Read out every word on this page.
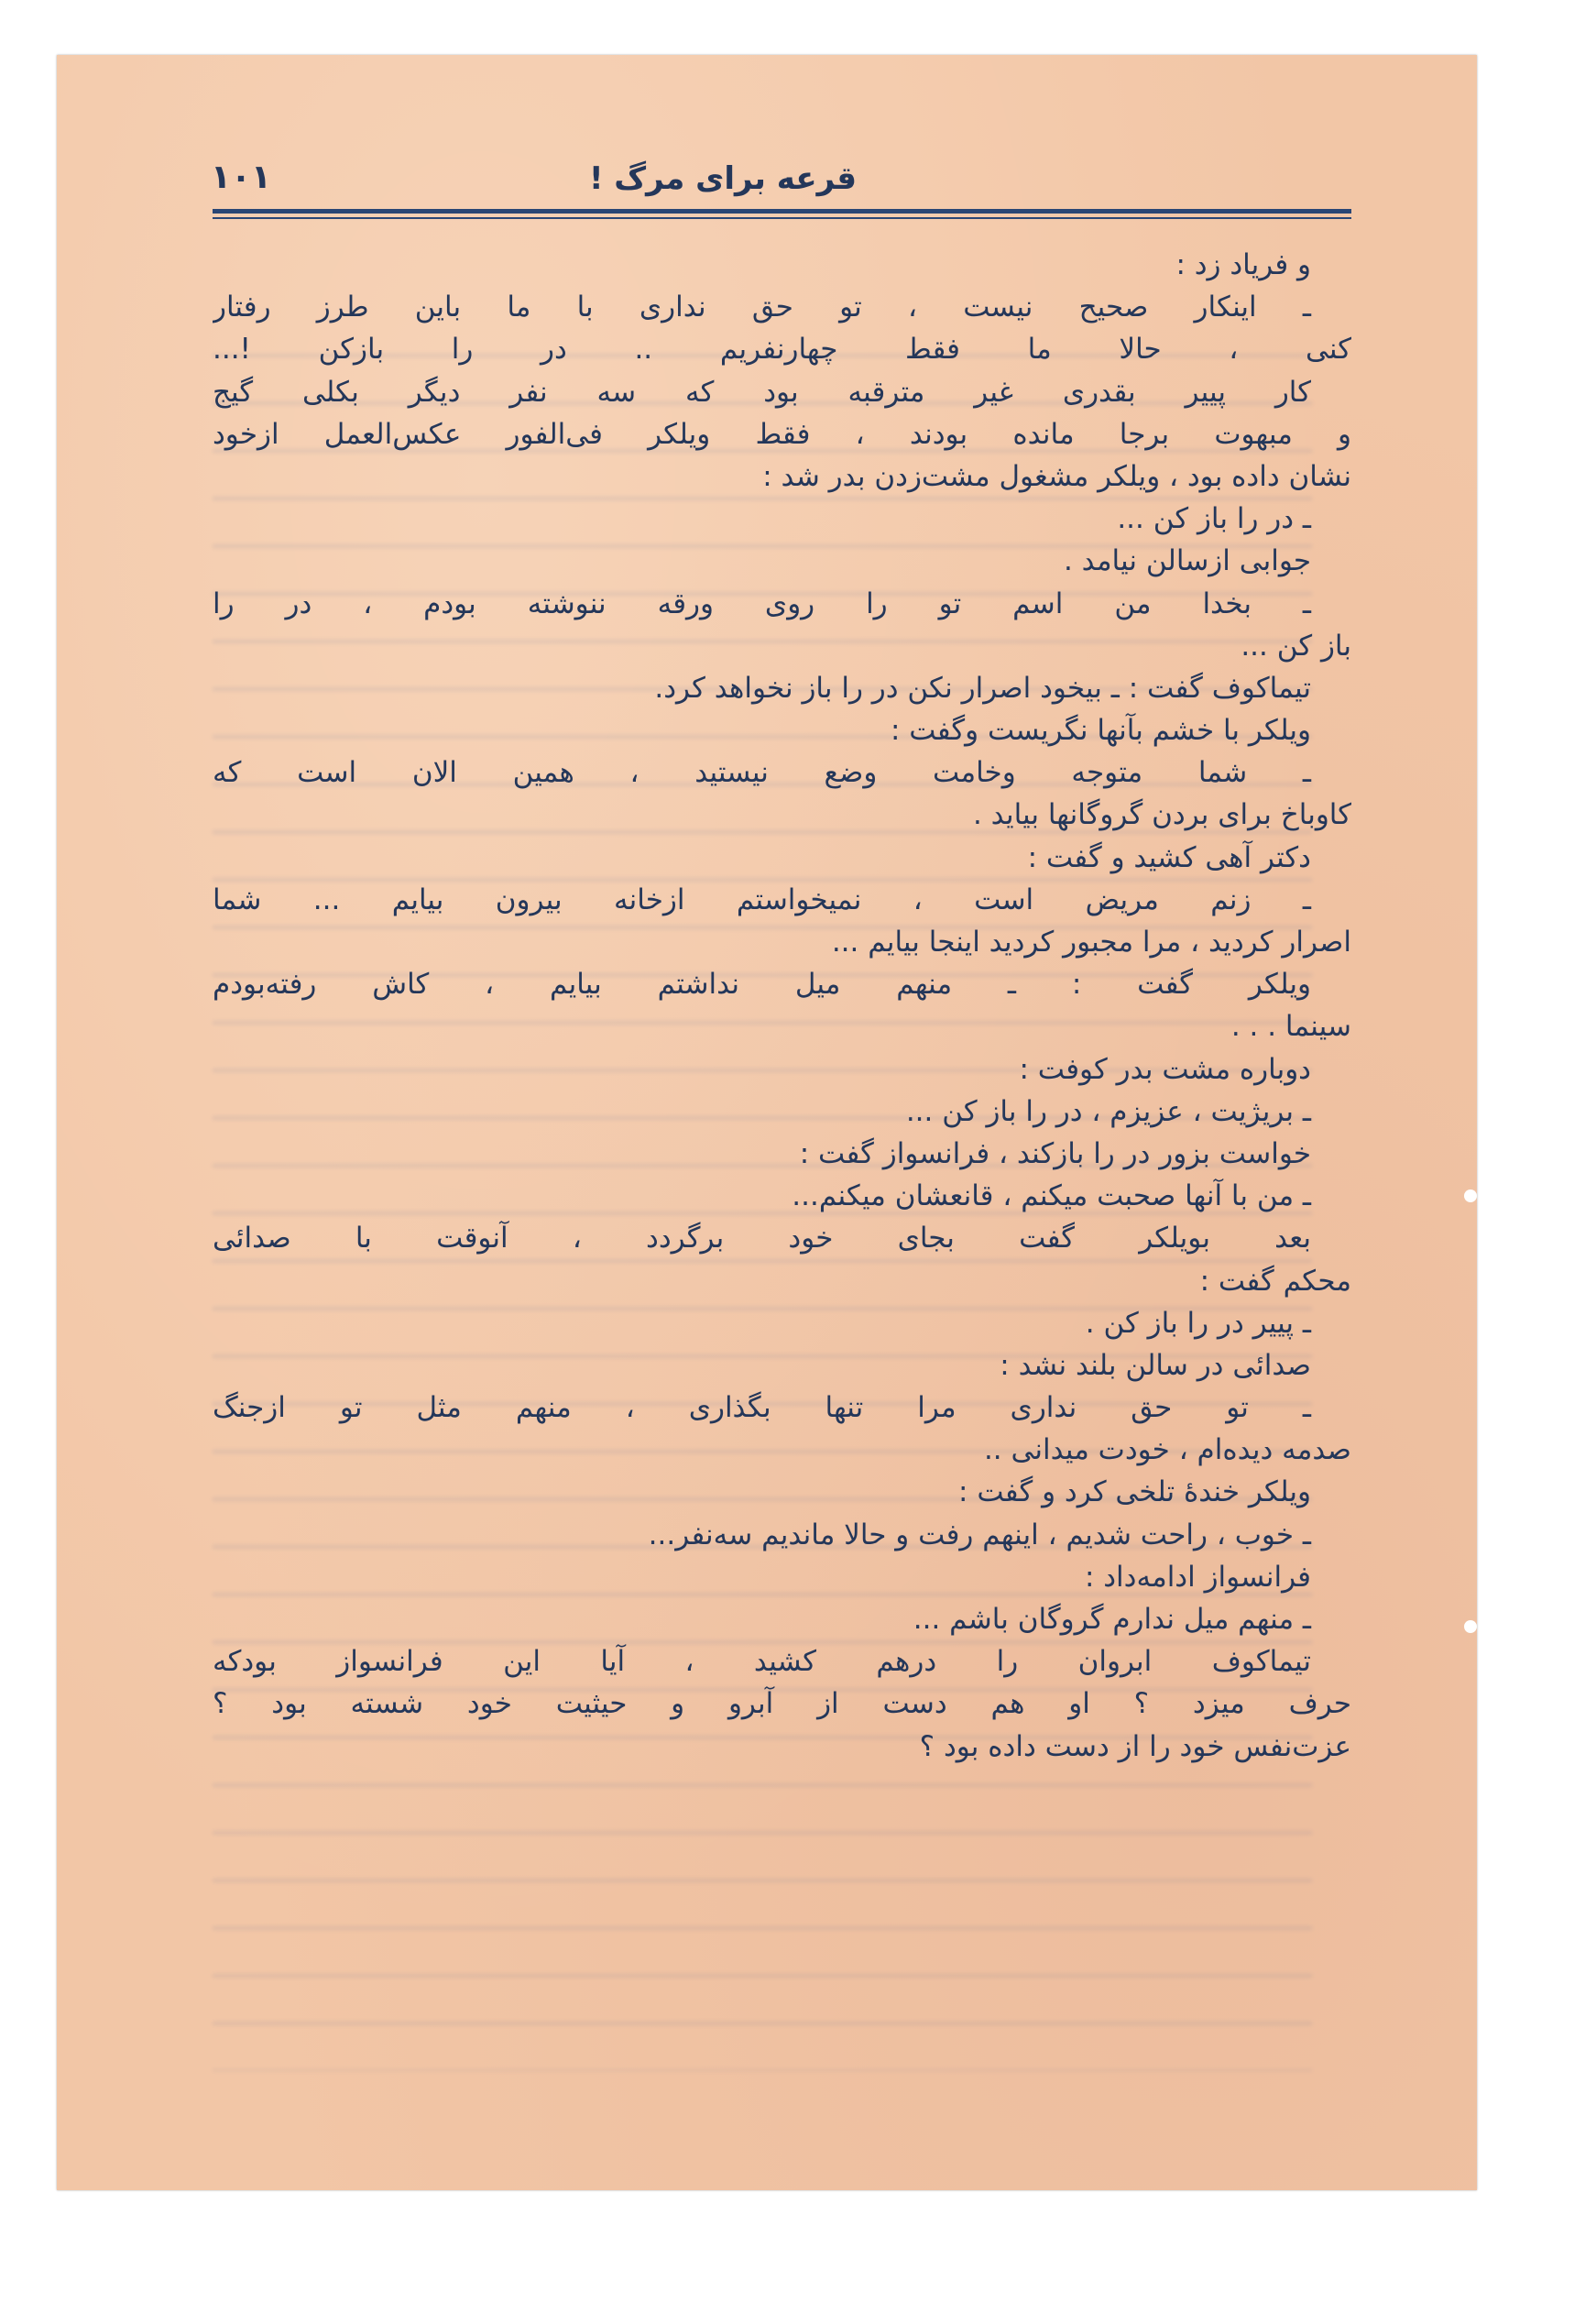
قرعه برای مرگ !
۱۰۱
و فریاد زد :
ـ اینکار صحیح نیست ، تو حق نداری با ما باین طرز رفتار
کنی ، حالا ما فقط چهارنفریم .. در را بازکن !...
کار پییر بقدری غیر مترقبه بود که سه نفر دیگر بکلی گیج
و مبهوت برجا مانده بودند ، فقط ویلکر فی‌الفور عکس‌العمل ازخود
نشان داده بود ، ویلکر مشغول مشت‌زدن بدر شد :
ـ در را باز کن ...
جوابی ازسالن نیامد .
ـ بخدا من اسم تو را روی ورقه ننوشته بودم ، در را
باز کن ...
تیماکوف گفت : ـ بیخود اصرار نکن در را باز نخواهد کرد.
ویلکر با خشم بآنها نگریست وگفت :
ـ شما متوجه وخامت وضع نیستید ، همین الان است که
کاوباخ برای بردن گروگانها بیاید .
دکتر آهی کشید و گفت :
ـ زنم مریض است ، نمیخواستم ازخانه بیرون بیایم ... شما
اصرار کردید ، مرا مجبور کردید اینجا بیایم ...
ویلکر گفت : ـ منهم میل نداشتم بیایم ، کاش رفته‌بودم
سینما . . .
دوباره مشت بدر کوفت :
ـ بریژیت ، عزیزم ، در را باز کن ...
خواست بزور در را بازکند ، فرانسواز گفت :
ـ من با آنها صحبت میکنم ، قانعشان میکنم...
بعد بویلکر گفت بجای خود برگردد ، آنوقت با صدائی
محکم گفت :
ـ پییر در را باز کن .
صدائی در سالن بلند نشد :
ـ تو حق نداری مرا تنها بگذاری ، منهم مثل تو ازجنگ
صدمه دیده‌ام ، خودت میدانی ..
ویلکر خندهٔ تلخی کرد و گفت :
ـ خوب ، راحت شدیم ، اینهم رفت و حالا ماندیم سه‌نفر...
فرانسواز ادامه‌داد :
ـ منهم میل ندارم گروگان باشم ...
تیماکوف ابروان را درهم کشید ، آیا این فرانسواز بودکه
حرف میزد ؟ او هم دست از آبرو و حیثیت خود شسته بود ؟
عزت‌نفس خود را از دست داده بود ؟
